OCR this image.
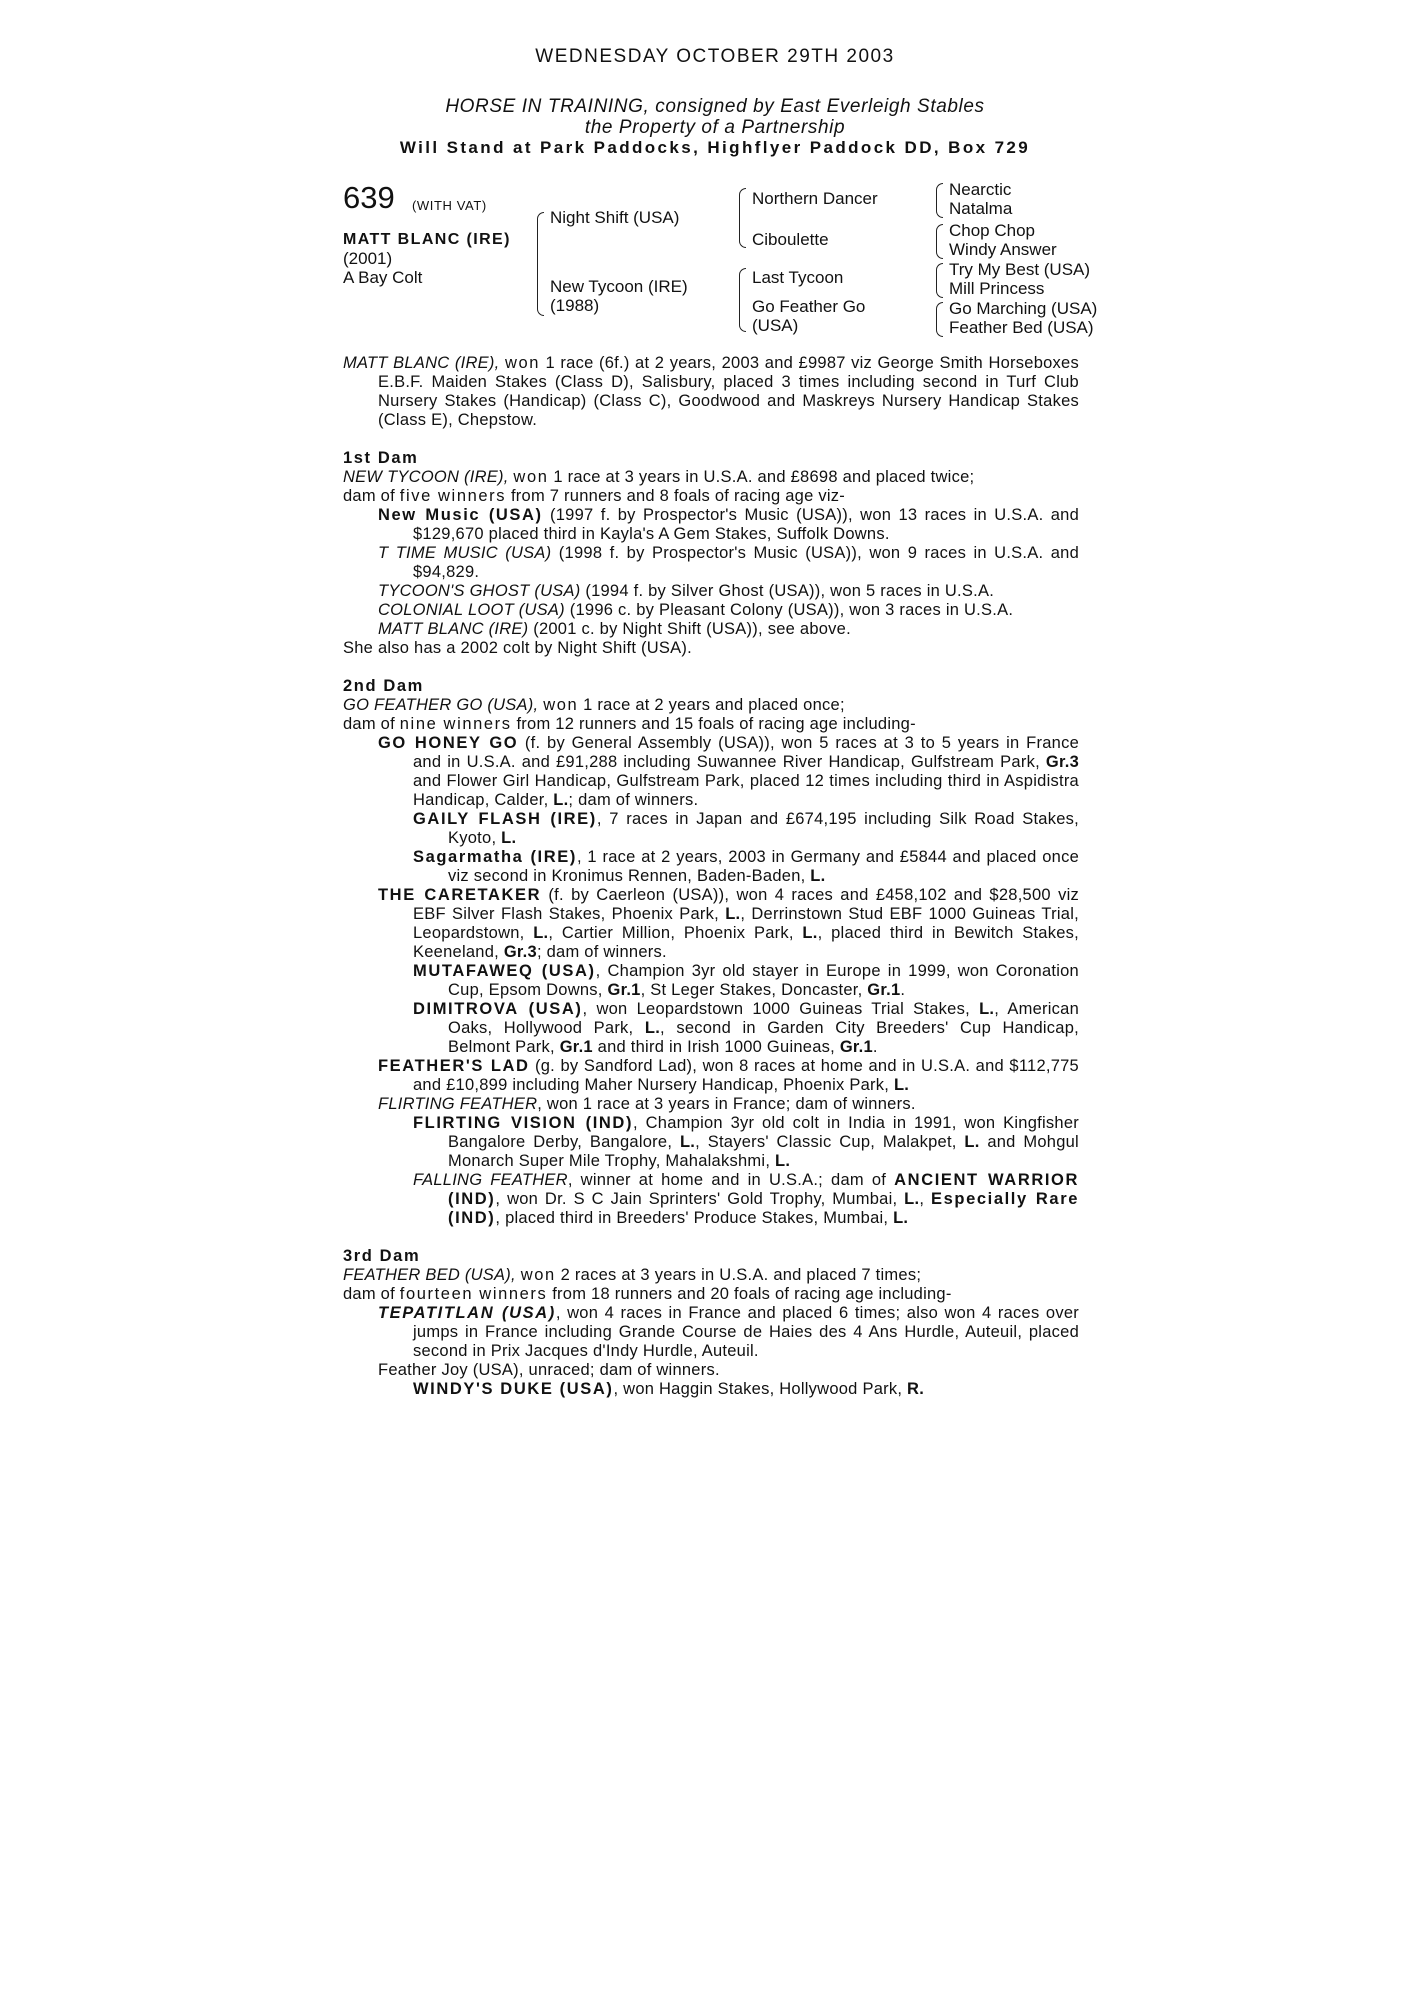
WEDNESDAY OCTOBER 29TH 2003
HORSE IN TRAINING, consigned by East Everleigh Stables
the Property of a Partnership
Will Stand at Park Paddocks, Highflyer Paddock DD, Box 729
639 (WITH VAT)
MATT BLANC (IRE)
(2001)
A Bay Colt
Night Shift (USA)
New Tycoon (IRE)
(1988)
Northern Dancer
Ciboulette
Last Tycoon
Go Feather Go
(USA)
Nearctic
Natalma
Chop Chop
Windy Answer
Try My Best (USA)
Mill Princess
Go Marching (USA)
Feather Bed (USA)

MATT BLANC (IRE), won 1 race (6f.) at 2 years, 2003 and £9987 viz George Smith Horseboxes E.B.F. Maiden Stakes (Class D), Salisbury, placed 3 times including second in Turf Club Nursery Stakes (Handicap) (Class C), Goodwood and Maskreys Nursery Handicap Stakes (Class E), Chepstow.

1st Dam

NEW TYCOON (IRE), won 1 race at 3 years in U.S.A. and £8698 and placed twice;

dam of five winners from 7 runners and 8 foals of racing age viz-

New Music (USA) (1997 f. by Prospector's Music (USA)), won 13 races in U.S.A. and $129,670 placed third in Kayla's A Gem Stakes, Suffolk Downs.

T TIME MUSIC (USA) (1998 f. by Prospector's Music (USA)), won 9 races in U.S.A. and $94,829.

TYCOON'S GHOST (USA) (1994 f. by Silver Ghost (USA)), won 5 races in U.S.A.

COLONIAL LOOT (USA) (1996 c. by Pleasant Colony (USA)), won 3 races in U.S.A.

MATT BLANC (IRE) (2001 c. by Night Shift (USA)), see above.

She also has a 2002 colt by Night Shift (USA).

2nd Dam

GO FEATHER GO (USA), won 1 race at 2 years and placed once;

dam of nine winners from 12 runners and 15 foals of racing age including-

GO HONEY GO (f. by General Assembly (USA)), won 5 races at 3 to 5 years in France and in U.S.A. and £91,288 including Suwannee River Handicap, Gulfstream Park, Gr.3 and Flower Girl Handicap, Gulfstream Park, placed 12 times including third in Aspidistra Handicap, Calder, L.; dam of winners.

GAILY FLASH (IRE), 7 races in Japan and £674,195 including Silk Road Stakes, Kyoto, L.

Sagarmatha (IRE), 1 race at 2 years, 2003 in Germany and £5844 and placed once viz second in Kronimus Rennen, Baden-Baden, L.

THE CARETAKER (f. by Caerleon (USA)), won 4 races and £458,102 and $28,500 viz EBF Silver Flash Stakes, Phoenix Park, L., Derrinstown Stud EBF 1000 Guineas Trial, Leopardstown, L., Cartier Million, Phoenix Park, L., placed third in Bewitch Stakes, Keeneland, Gr.3; dam of winners.

MUTAFAWEQ (USA), Champion 3yr old stayer in Europe in 1999, won Coronation Cup, Epsom Downs, Gr.1, St Leger Stakes, Doncaster, Gr.1.

DIMITROVA (USA), won Leopardstown 1000 Guineas Trial Stakes, L., American Oaks, Hollywood Park, L., second in Garden City Breeders' Cup Handicap, Belmont Park, Gr.1 and third in Irish 1000 Guineas, Gr.1.

FEATHER'S LAD (g. by Sandford Lad), won 8 races at home and in U.S.A. and $112,775 and £10,899 including Maher Nursery Handicap, Phoenix Park, L.

FLIRTING FEATHER, won 1 race at 3 years in France; dam of winners.

FLIRTING VISION (IND), Champion 3yr old colt in India in 1991, won Kingfisher Bangalore Derby, Bangalore, L., Stayers' Classic Cup, Malakpet, L. and Mohgul Monarch Super Mile Trophy, Mahalakshmi, L.

FALLING FEATHER, winner at home and in U.S.A.; dam of ANCIENT WARRIOR (IND), won Dr. S C Jain Sprinters' Gold Trophy, Mumbai, L., Especially Rare (IND), placed third in Breeders' Produce Stakes, Mumbai, L.

3rd Dam

FEATHER BED (USA), won 2 races at 3 years in U.S.A. and placed 7 times;

dam of fourteen winners from 18 runners and 20 foals of racing age including-

TEPATITLAN (USA), won 4 races in France and placed 6 times; also won 4 races over jumps in France including Grande Course de Haies des 4 Ans Hurdle, Auteuil, placed second in Prix Jacques d'Indy Hurdle, Auteuil.

Feather Joy (USA), unraced; dam of winners.

WINDY'S DUKE (USA), won Haggin Stakes, Hollywood Park, R.
